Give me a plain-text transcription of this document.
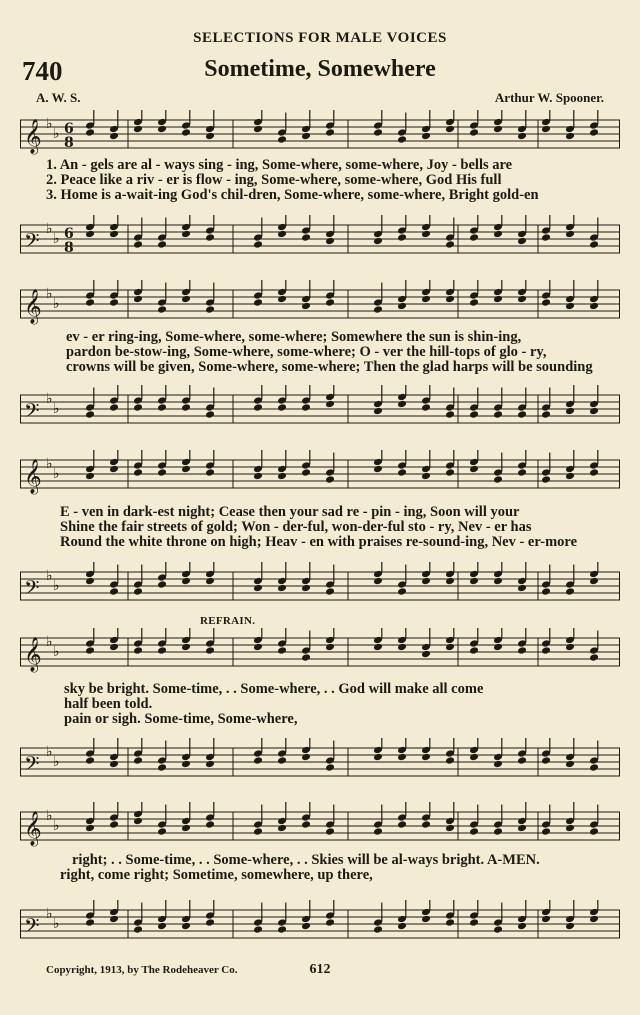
SELECTIONS FOR MALE VOICES
740	Sometime, Somewhere
A. W. S.	Arthur W. Spooner.
𝄞 ♭
♭ 6
8
1. An - gels are al - ways sing - ing, Some-where, some-where, Joy - bells are
2. Peace like a riv - er is flow - ing, Some-where, some-where, God His full
3. Home is a-wait-ing God's chil-dren, Some-where, some-where, Bright gold-en
𝄢 ♭
♭ 6
8
𝄞 ♭
♭
ev - er ring-ing, Some-where, some-where; Somewhere the sun is shin-ing,
pardon be-stow-ing, Some-where, some-where; O - ver the hill-tops of glo - ry,
crowns will be given, Some-where, some-where; Then the glad harps will be sounding
𝄢 ♭
♭
𝄞 ♭
♭
E - ven in dark-est night; Cease then your sad re - pin - ing, Soon will your
Shine the fair streets of gold; Won - der-ful, won-der-ful sto - ry, Nev - er has
Round the white throne on high; Heav - en with praises re-sound-ing, Nev - er-more
𝄢 ♭
♭
REFRAIN.
𝄞 ♭
♭
sky be bright. Some-time, . . Some-where, . . God will make all come
half been told.
pain or sigh. Some-time, Some-where,
𝄢 ♭
♭
𝄞 ♭
♭
right; . . Some-time, . . Some-where, . . Skies will be al-ways bright. A-MEN.
right, come right; Sometime, somewhere, up there,
𝄢 ♭
♭
Copyright, 1913, by The Rodeheaver Co.	612
